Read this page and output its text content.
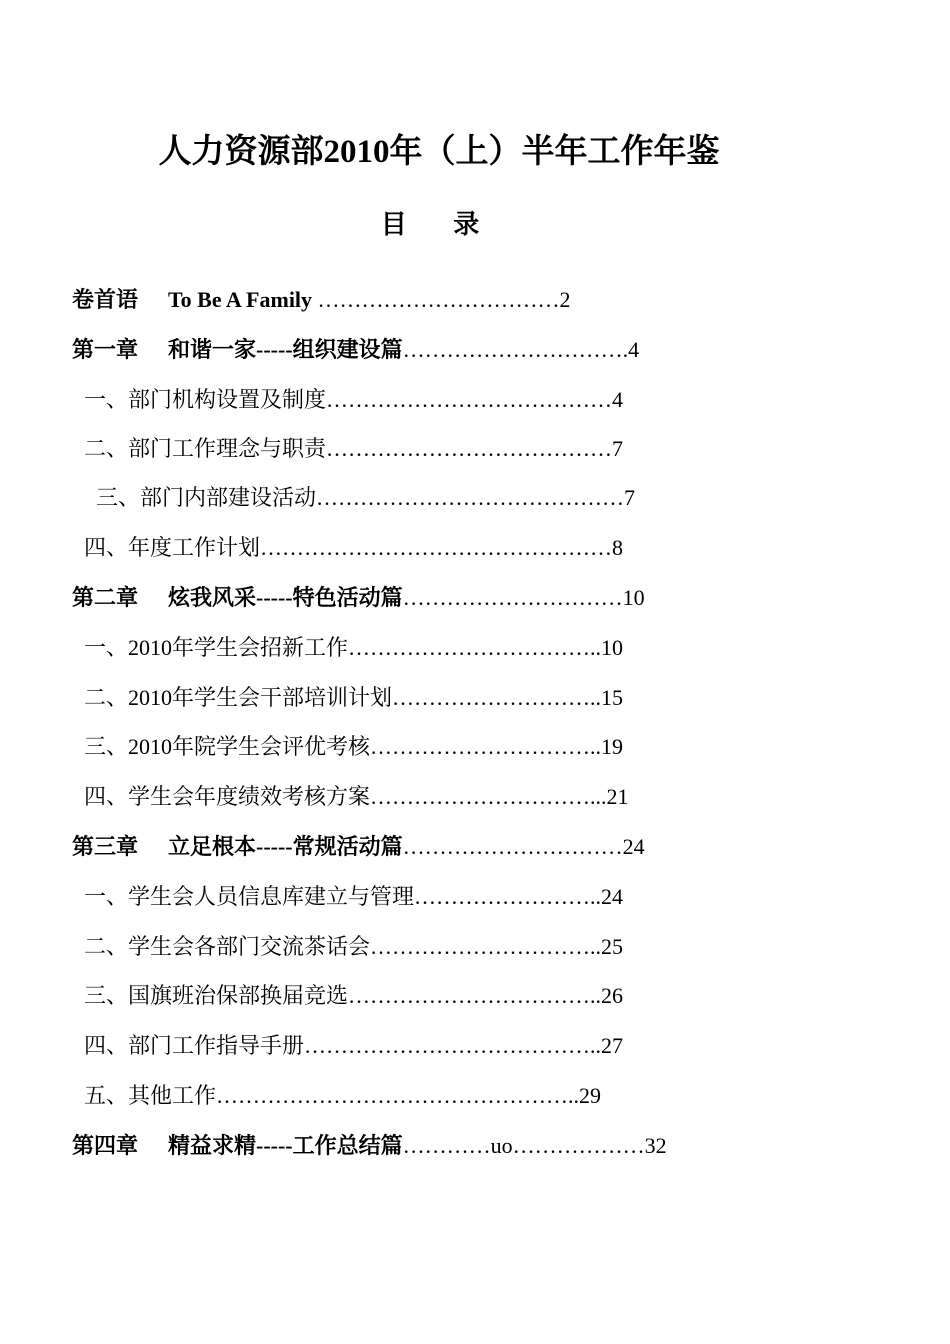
人力资源部2010年（上）半年工作年鉴
目 录
卷首语 To Be A Family ……………………………2
第一章 和谐一家-----组织建设篇………………………….4
一、部门机构设置及制度…………………………………4
二、部门工作理念与职责…………………………………7
三、部门内部建设活动……………………………………7
四、年度工作计划…………………………………………8
第二章 炫我风采-----特色活动篇…………………………10
一、2010年学生会招新工作……………………………..10
二、2010年学生会干部培训计划………………………..15
三、2010年院学生会评优考核…………………………..19
四、学生会年度绩效考核方案…………………………...21
第三章 立足根本-----常规活动篇…………………………24
一、学生会人员信息库建立与管理……………………..24
二、学生会各部门交流茶话会…………………………..25
三、国旗班治保部换届竞选……………………………..26
四、部门工作指导手册…………………………………..27
五、其他工作…………………………………………..29
第四章 精益求精-----工作总结篇…………uo………………32
